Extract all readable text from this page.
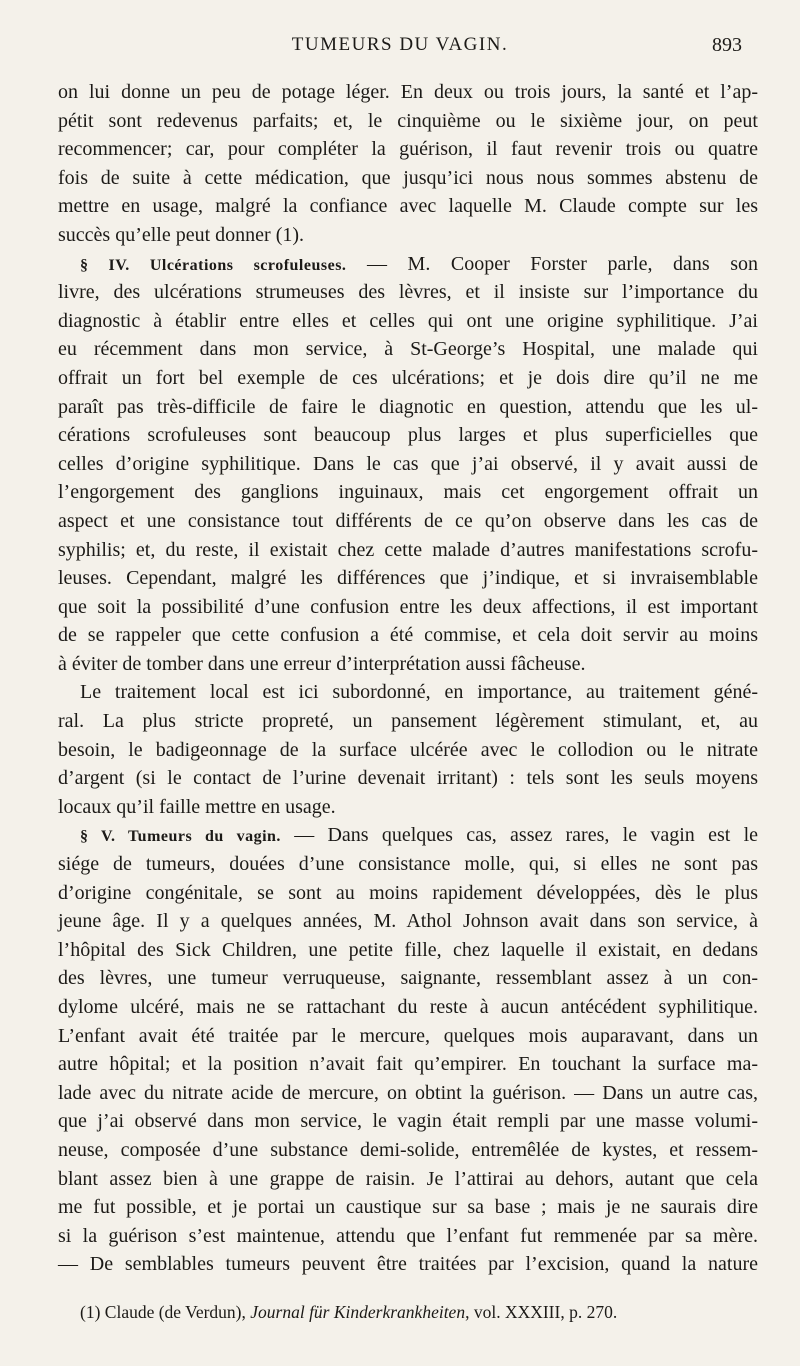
TUMEURS DU VAGIN.	893
on lui donne un peu de potage léger. En deux ou trois jours, la santé et l’ap-
pétit sont redevenus parfaits; et, le cinquième ou le sixième jour, on peut
recommencer; car, pour compléter la guérison, il faut revenir trois ou quatre
fois de suite à cette médication, que jusqu’ici nous nous sommes abstenu de
mettre en usage, malgré la confiance avec laquelle M. Claude compte sur les
succès qu’elle peut donner (1).
§ IV. Ulcérations scrofuleuses. — M. Cooper Forster parle, dans son
livre, des ulcérations strumeuses des lèvres, et il insiste sur l’importance du
diagnostic à établir entre elles et celles qui ont une origine syphilitique. J’ai
eu récemment dans mon service, à St-George’s Hospital, une malade qui
offrait un fort bel exemple de ces ulcérations; et je dois dire qu’il ne me
paraît pas très-difficile de faire le diagnotic en question, attendu que les ul-
cérations scrofuleuses sont beaucoup plus larges et plus superficielles que
celles d’origine syphilitique. Dans le cas que j’ai observé, il y avait aussi de
l’engorgement des ganglions inguinaux, mais cet engorgement offrait un
aspect et une consistance tout différents de ce qu’on observe dans les cas de
syphilis; et, du reste, il existait chez cette malade d’autres manifestations scrofu-
leuses. Cependant, malgré les différences que j’indique, et si invraisemblable
que soit la possibilité d’une confusion entre les deux affections, il est important
de se rappeler que cette confusion a été commise, et cela doit servir au moins
à éviter de tomber dans une erreur d’interprétation aussi fâcheuse.
Le traitement local est ici subordonné, en importance, au traitement géné-
ral. La plus stricte propreté, un pansement légèrement stimulant, et, au
besoin, le badigeonnage de la surface ulcérée avec le collodion ou le nitrate
d’argent (si le contact de l’urine devenait irritant) : tels sont les seuls moyens
locaux qu’il faille mettre en usage.
§ V. Tumeurs du vagin. — Dans quelques cas, assez rares, le vagin est le
siége de tumeurs, douées d’une consistance molle, qui, si elles ne sont pas
d’origine congénitale, se sont au moins rapidement développées, dès le plus
jeune âge. Il y a quelques années, M. Athol Johnson avait dans son service, à
l’hôpital des Sick Children, une petite fille, chez laquelle il existait, en dedans
des lèvres, une tumeur verruqueuse, saignante, ressemblant assez à un con-
dylome ulcéré, mais ne se rattachant du reste à aucun antécédent syphilitique.
L’enfant avait été traitée par le mercure, quelques mois auparavant, dans un
autre hôpital; et la position n’avait fait qu’empirer. En touchant la surface ma-
lade avec du nitrate acide de mercure, on obtint la guérison. — Dans un autre cas,
que j’ai observé dans mon service, le vagin était rempli par une masse volumi-
neuse, composée d’une substance demi-solide, entremêlée de kystes, et ressem-
blant assez bien à une grappe de raisin. Je l’attirai au dehors, autant que cela
me fut possible, et je portai un caustique sur sa base ; mais je ne saurais dire
si la guérison s’est maintenue, attendu que l’enfant fut remmenée par sa mère.
— De semblables tumeurs peuvent être traitées par l’excision, quand la nature
(1) Claude (de Verdun), Journal für Kinderkrankheiten, vol. XXXIII, p. 270.
